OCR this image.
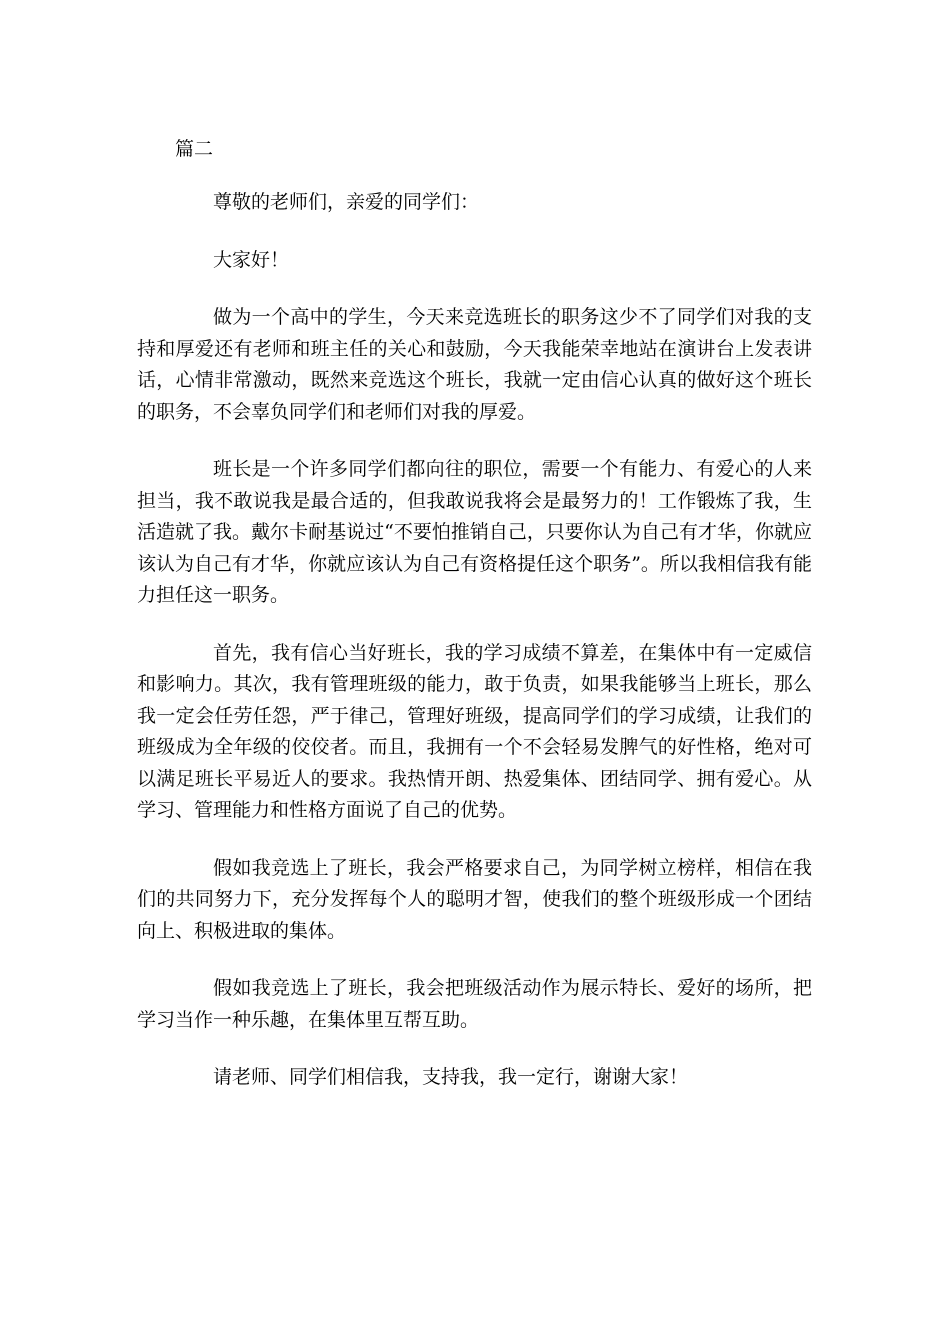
篇二

尊敬的老师们，亲爱的同学们：

大家好！

做为一个高中的学生，今天来竞选班长的职务这少不了同学们对我的支持和厚爱还有老师和班主任的关心和鼓励，今天我能荣幸地站在演讲台上发表讲话，心情非常激动，既然来竞选这个班长，我就一定由信心认真的做好这个班长的职务，不会辜负同学们和老师们对我的厚爱。

班长是一个许多同学们都向往的职位，需要一个有能力、有爱心的人来担当，我不敢说我是最合适的，但我敢说我将会是最努力的！工作锻炼了我，生活造就了我。戴尔卡耐基说过“不要怕推销自己，只要你认为自己有才华，你就应该认为自己有才华，你就应该认为自己有资格提任这个职务”。所以我相信我有能力担任这一职务。

首先，我有信心当好班长，我的学习成绩不算差，在集体中有一定威信和影响力。其次，我有管理班级的能力，敢于负责，如果我能够当上班长，那么我一定会任劳任怨，严于律己，管理好班级，提高同学们的学习成绩，让我们的班级成为全年级的佼佼者。而且，我拥有一个不会轻易发脾气的好性格，绝对可以满足班长平易近人的要求。我热情开朗、热爱集体、团结同学、拥有爱心。从学习、管理能力和性格方面说了自己的优势。

假如我竞选上了班长，我会严格要求自己，为同学树立榜样，相信在我们的共同努力下，充分发挥每个人的聪明才智，使我们的整个班级形成一个团结向上、积极进取的集体。

假如我竞选上了班长，我会把班级活动作为展示特长、爱好的场所，把学习当作一种乐趣，在集体里互帮互助。

请老师、同学们相信我，支持我，我一定行，谢谢大家！
